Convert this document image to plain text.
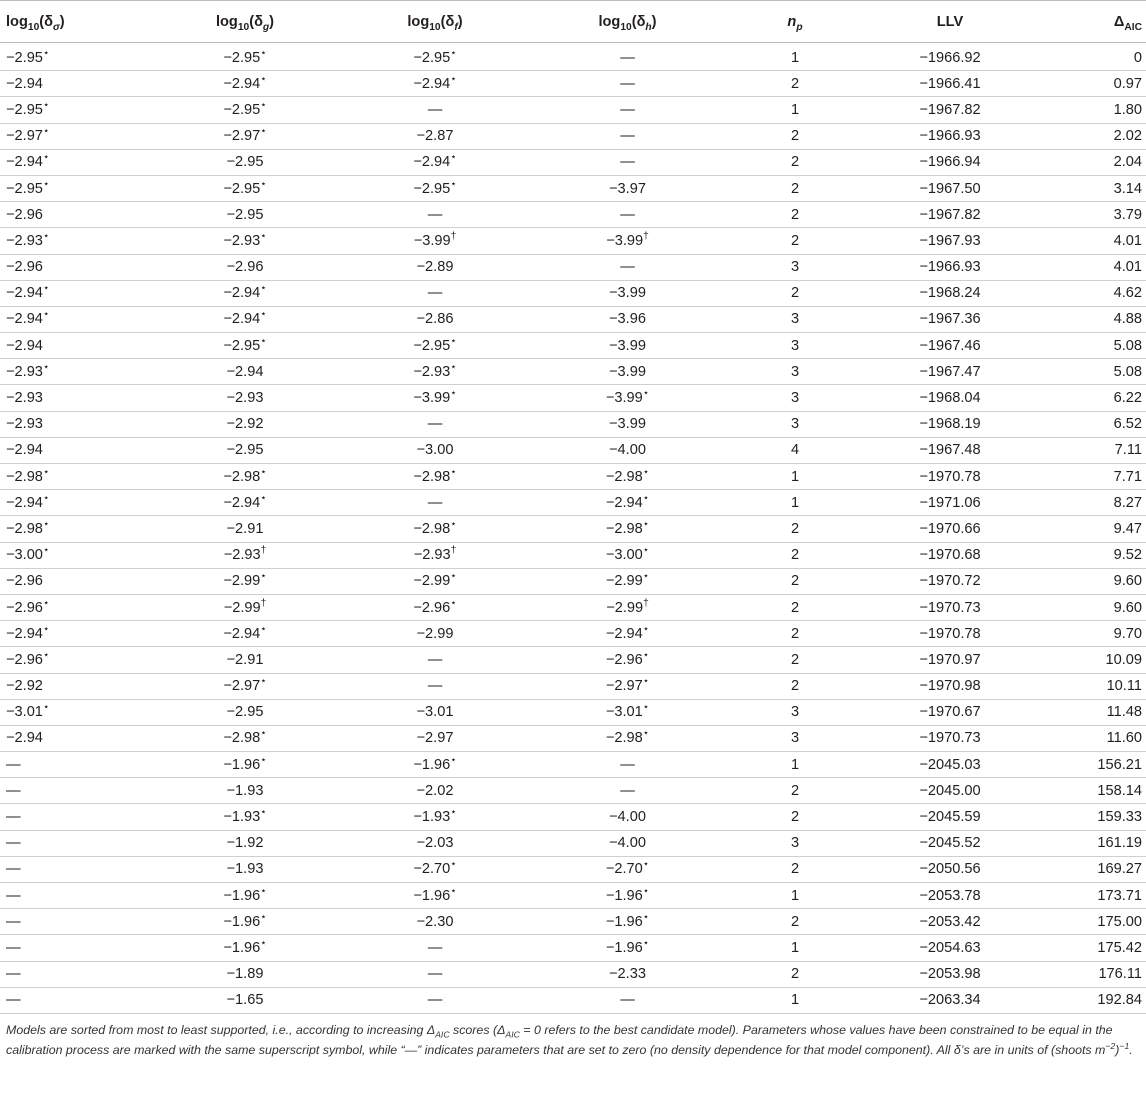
$\log_{10}(\delta_\sigma)$	$\log_{10}(\delta_g)$	$\log_{10}(\delta_f)$	$\log_{10}(\delta_h)$	$n_p$	LLV	$\Delta_{AIC}$
−2.95⋆	−2.95⋆	−2.95⋆	—	1	−1966.92	0
−2.94	−2.94⋆	−2.94⋆	—	2	−1966.41	0.97
−2.95⋆	−2.95⋆	—	—	1	−1967.82	1.80
−2.97⋆	−2.97⋆	−2.87	—	2	−1966.93	2.02
−2.94⋆	−2.95	−2.94⋆	—	2	−1966.94	2.04
−2.95⋆	−2.95⋆	−2.95⋆	−3.97	2	−1967.50	3.14
−2.96	−2.95	—	—	2	−1967.82	3.79
−2.93⋆	−2.93⋆	−3.99†	−3.99†	2	−1967.93	4.01
−2.96	−2.96	−2.89	—	3	−1966.93	4.01
−2.94⋆	−2.94⋆	—	−3.99	2	−1968.24	4.62
−2.94⋆	−2.94⋆	−2.86	−3.96	3	−1967.36	4.88
−2.94	−2.95⋆	−2.95⋆	−3.99	3	−1967.46	5.08
−2.93⋆	−2.94	−2.93⋆	−3.99	3	−1967.47	5.08
−2.93	−2.93	−3.99⋆	−3.99⋆	3	−1968.04	6.22
−2.93	−2.92	—	−3.99	3	−1968.19	6.52
−2.94	−2.95	−3.00	−4.00	4	−1967.48	7.11
−2.98⋆	−2.98⋆	−2.98⋆	−2.98⋆	1	−1970.78	7.71
−2.94⋆	−2.94⋆	—	−2.94⋆	1	−1971.06	8.27
−2.98⋆	−2.91	−2.98⋆	−2.98⋆	2	−1970.66	9.47
−3.00⋆	−2.93†	−2.93†	−3.00⋆	2	−1970.68	9.52
−2.96	−2.99⋆	−2.99⋆	−2.99⋆	2	−1970.72	9.60
−2.96⋆	−2.99†	−2.96⋆	−2.99†	2	−1970.73	9.60
−2.94⋆	−2.94⋆	−2.99	−2.94⋆	2	−1970.78	9.70
−2.96⋆	−2.91	—	−2.96⋆	2	−1970.97	10.09
−2.92	−2.97⋆	—	−2.97⋆	2	−1970.98	10.11
−3.01⋆	−2.95	−3.01	−3.01⋆	3	−1970.67	11.48
−2.94	−2.98⋆	−2.97	−2.98⋆	3	−1970.73	11.60
—	−1.96⋆	−1.96⋆	—	1	−2045.03	156.21
—	−1.93	−2.02	—	2	−2045.00	158.14
—	−1.93⋆	−1.93⋆	−4.00	2	−2045.59	159.33
—	−1.92	−2.03	−4.00	3	−2045.52	161.19
—	−1.93	−2.70⋆	−2.70⋆	2	−2050.56	169.27
—	−1.96⋆	−1.96⋆	−1.96⋆	1	−2053.78	173.71
—	−1.96⋆	−2.30	−1.96⋆	2	−2053.42	175.00
—	−1.96⋆	—	−1.96⋆	1	−2054.63	175.42
—	−1.89	—	−2.33	2	−2053.98	176.11
—	−1.65	—	—	1	−2063.34	192.84
Models are sorted from most to least supported, i.e., according to increasing $\Delta_{AIC}$ scores ($\Delta_{AIC} = 0$ refers to the best candidate model). Parameters whose values have been constrained to be equal in the calibration process are marked with the same superscript symbol, while “—” indicates parameters that are set to zero (no density dependence for that model component). All δ’s are in units of (shoots $m^{-2})^{-1}$.
